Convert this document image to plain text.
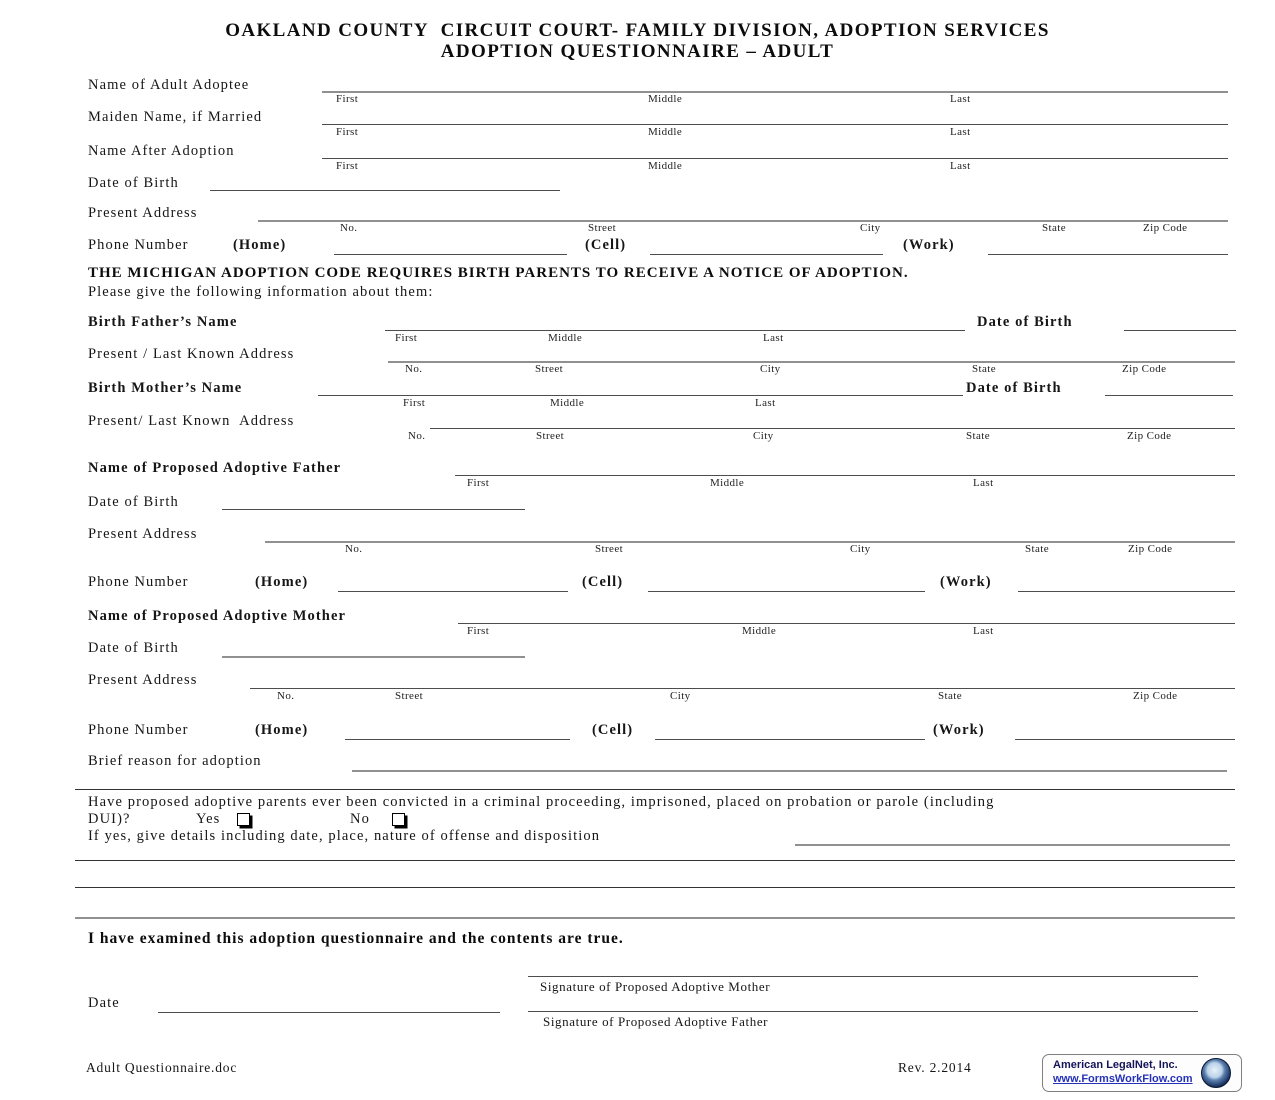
OAKLAND COUNTY  CIRCUIT COURT- FAMILY DIVISION, ADOPTION SERVICES
ADOPTION QUESTIONNAIRE – ADULT
Name of Adult Adoptee
First	Middle	Last
Maiden Name, if Married
First	Middle	Last
Name After Adoption
First	Middle	Last
Date of Birth
Present Address
No.	Street	City	State	Zip Code
Phone Number	(Home)	(Cell)	(Work)
THE MICHIGAN ADOPTION CODE REQUIRES BIRTH PARENTS TO RECEIVE A NOTICE OF ADOPTION.
Please give the following information about them:
Birth Father’s Name	Date of Birth
First	Middle	Last
Present / Last Known Address
No.	Street	City	State	Zip Code
Birth Mother’s Name	Date of Birth
First	Middle	Last
Present/ Last Known  Address
No.	Street	City	State	Zip Code
Name of Proposed Adoptive Father
First	Middle	Last
Date of Birth
Present Address
No.	Street	City	State	Zip Code
Phone Number	(Home)	(Cell)	(Work)
Name of Proposed Adoptive Mother
First	Middle	Last
Date of Birth
Present Address
No.	Street	City	State	Zip Code
Phone Number	(Home)	(Cell)	(Work)
Brief reason for adoption
Have proposed adoptive parents ever been convicted in a criminal proceeding, imprisoned, placed on probation or parole (including
DUI)?	Yes	No
If yes, give details including date, place, nature of offense and disposition
I have examined this adoption questionnaire and the contents are true.
Signature of Proposed Adoptive Mother
Date
Signature of Proposed Adoptive Father
Adult Questionnaire.doc	Rev. 2.2014	American LegalNet, Inc.
www.FormsWorkFlow.com
